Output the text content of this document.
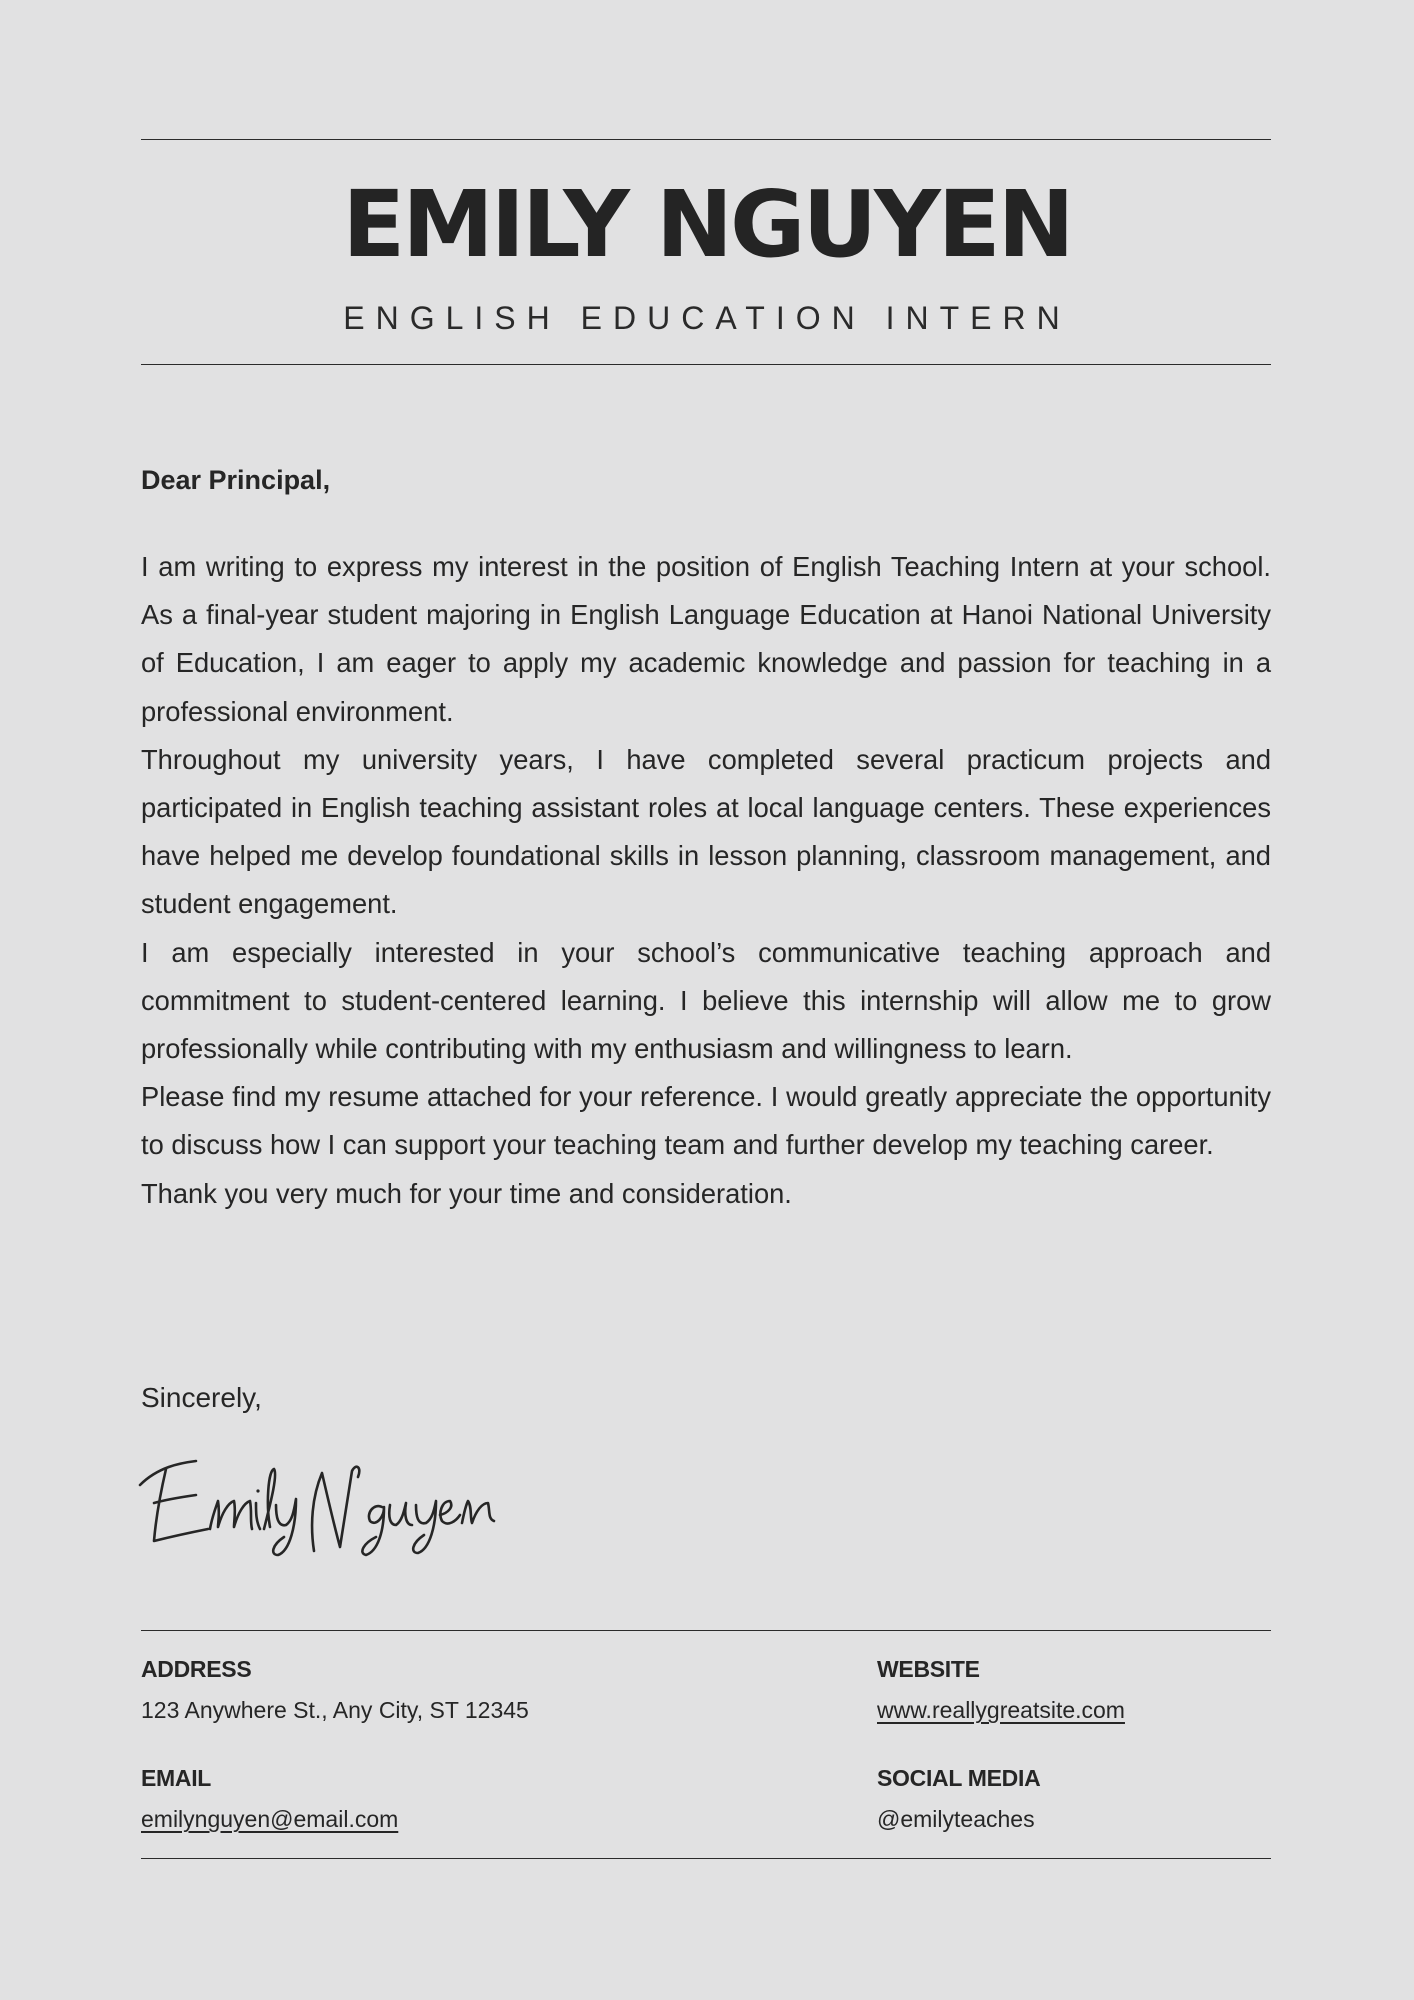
EMILY NGUYEN
ENGLISH EDUCATION INTERN
Dear Principal,

I am writing to express my interest in the position of English Teaching Intern at your school. As a final-year student majoring in English Language Education at Hanoi National University of Education, I am eager to apply my academic knowledge and passion for teaching in a professional environment.

Throughout my university years, I have completed several practicum projects and participated in English teaching assistant roles at local language centers. These experiences have helped me develop foundational skills in lesson planning, classroom management, and student engagement.

I am especially interested in your school’s communicative teaching approach and commitment to student-centered learning. I believe this internship will allow me to grow professionally while contributing with my enthusiasm and willingness to learn.

Please find my resume attached for your reference. I would greatly appreciate the opportunity to discuss how I can support your teaching team and further develop my teaching career.

Thank you very much for your time and consideration.

Sincerely,
ADDRESS
123 Anywhere St., Any City, ST 12345
WEBSITE
www.reallygreatsite.com
EMAIL
emilynguyen@email.com
SOCIAL MEDIA
@emilyteaches
